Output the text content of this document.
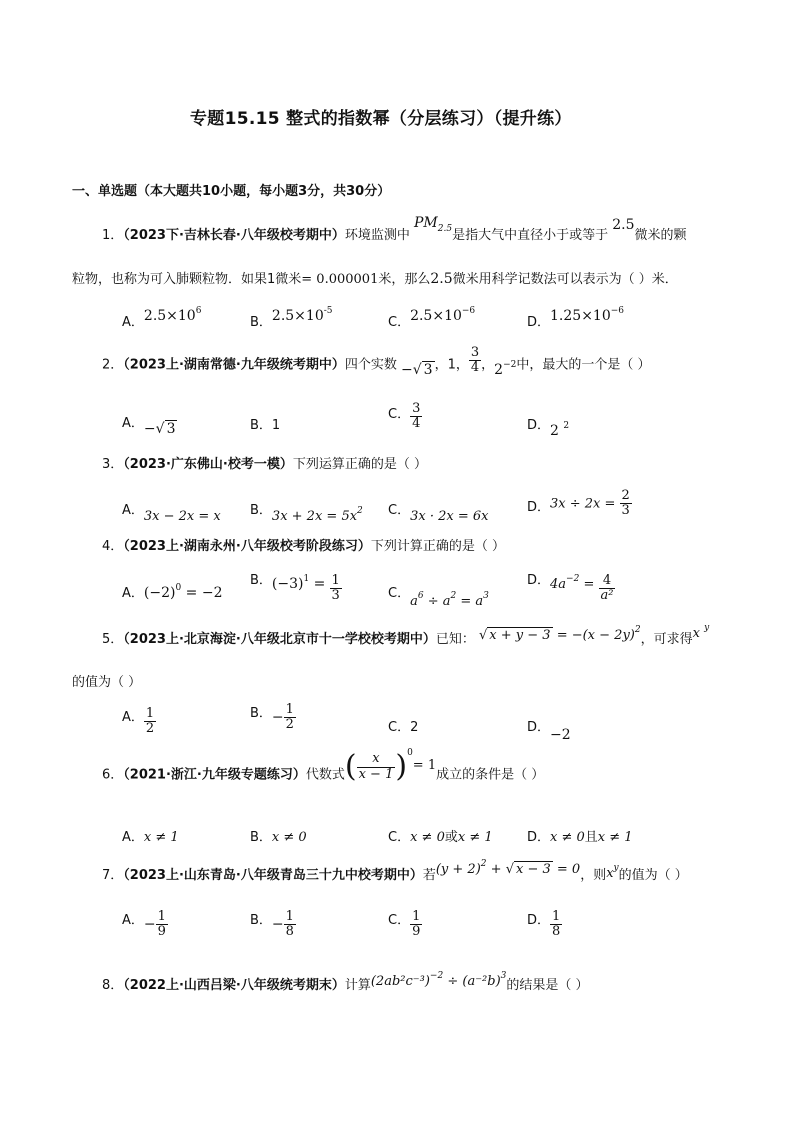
专题15.15 整式的指数幂（分层练习）（提升练）
一、单选题（本大题共10小题，每小题3分，共30分）
1．（2023下·吉林长春·八年级校考期中）环境监测中 $PM_{2.5}$是指大气中直径小于或等于 2.5微米的颗
粒物，也称为可入肺颗粒物．如果1微米= 0.000001米，那么2.5微米用科学记数法可以表示为（ ）米．
A．$2.5\times 10^6$
B．$2.5\times 10^{-5}$
C．$2.5\times 10^{-6}$
D．$1.25\times 10^{-6}$
2．（2023上·湖南常德·九年级统考期中）四个实数 −√ 3 ，1， $\frac{3}{4}$ ，$2^{-2}$中，最大的一个是（ ）
A．−√ 3	B．1
C． $\frac{3}{4}$	D．2 $^2$
3．（2023·广东佛山·校考一模）下列运算正确的是（ ）
A．3x − 2x = x B．$3x + 2x = 5x^2$ C．3x · 2x = 6x
D．$3x \div 2x = \frac{2}{3}$
4．（2023上·湖南永州·八年级校考阶段练习）下列计算正确的是（ ）
A．$(-2)^0 = -2$
B．$(-3)^1 = \frac{1}{3}$	C．$a^6 \div a^2 = a^3$
D．$4a^{-2} = \frac{4}{\text{a²}}$
5．（2023上·北京海淀·八年级北京市十一学校校考期中）已知： √ $x + y - 3 = -(x - 2y)^2$，可求得x $^y$
的值为（ ）
A． $\frac{1}{2}$	B．− $\frac{1}{2}$	C．2	D．−2
6．（2021·浙江·九年级专题练习）代数式( $\frac{x}{x - 1} )^0= 1$成立的条件是（ ）
A．x ≠ 1	B．x ≠ 0	C．x ≠ 0或x ≠ 1	D．x ≠ 0且x ≠ 1
7．（2023上·山东青岛·八年级青岛三十九中校考期中）若$(y + 2)^2$ + √ x − 3 = 0，则$x^y$的值为（ ）
A．− $\frac{1}{9}$	B．− $\frac{1}{8}$	C． $\frac{1}{9}$	D． $\frac{1}{8}$
8．（2022上·山西吕梁·八年级统考期末）计算$(2ab^2c^{-3})^{-2} \div (a^{-2}b)^3$的结果是（ ）
